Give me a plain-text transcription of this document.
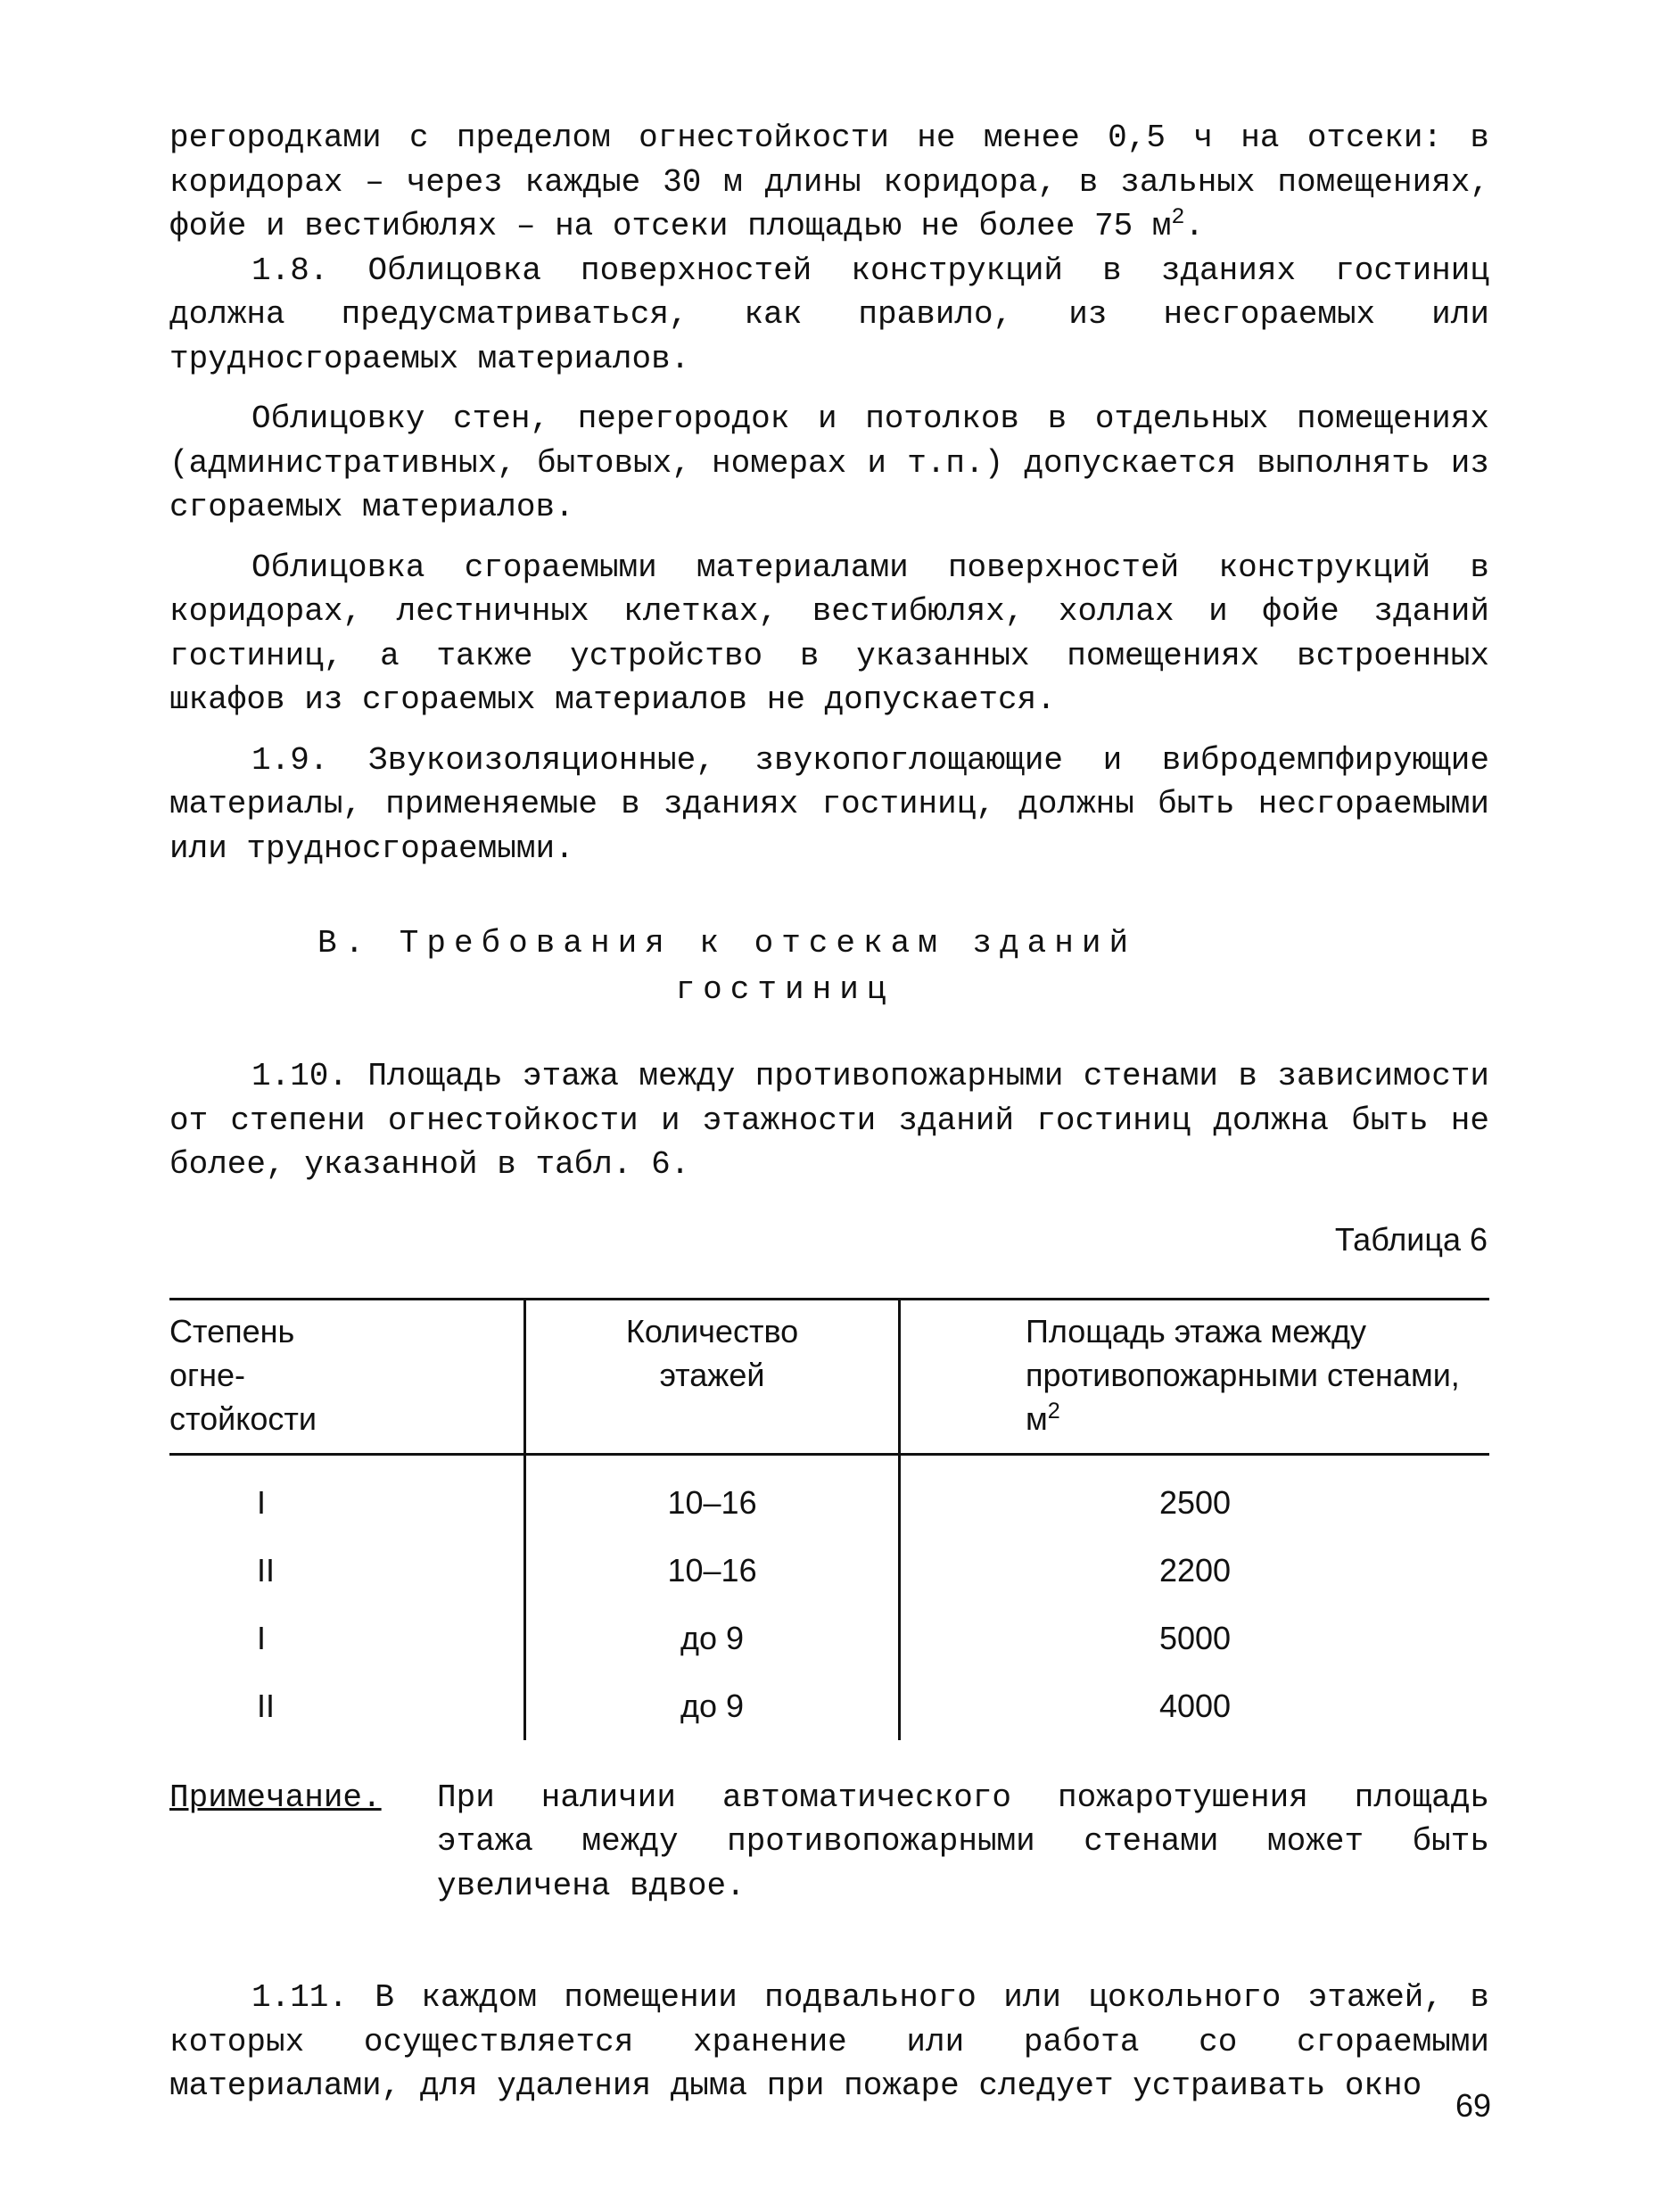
регородками с пределом огнестойкости не менее 0,5 ч на отсеки: в коридорах – через каждые 30 м длины коридора, в зальных помещениях, фойе и вестибюлях – на отсеки площадью не более 75 $м^2$.

1.8. Облицовка поверхностей конструкций в зданиях гостиниц должна предусматриваться, как правило, из несгораемых или трудносгораемых материалов.

Облицовку стен, перегородок и потолков в отдельных помещениях (административных, бытовых, номерах и т.п.) допускается выполнять из сгораемых материалов.

Облицовка сгораемыми материалами поверхностей конструкций в коридорах, лестничных клетках, вестибюлях, холлах и фойе зданий гостиниц, а также устройство в указанных помещениях встроенных шкафов из сгораемых материалов не допускается.

1.9. Звукоизоляционные, звукопоглощающие и вибродемпфирующие материалы, применяемые в зданиях гостиниц, должны быть несгораемыми или трудносгораемыми.

В. Требования к отсекам зданий
гостиниц

1.10. Площадь этажа между противопожарными стенами в зависимости от степени огнестойкости и этажности зданий гостиниц должна быть не более, указанной в табл. 6.

Таблица 6
Степень огне- стойкости	Количество этажей	Площадь этажа между противопожарными стенами, $м^2$

I	10–16	2500
II	10–16	2200
I	до 9	5000
II	до 9	4000
Примечание.	При наличии автоматического пожаротушения площадь этажа между противопожарными стенами может быть увеличена вдвое.

1.11. В каждом помещении подвального или цокольного этажей, в которых осуществляется хранение или работа со сгораемыми материалами, для удаления дыма при пожаре следует устраивать окно

69
